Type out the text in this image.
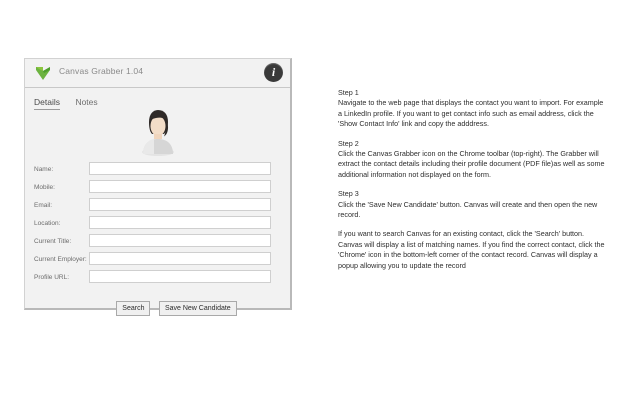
Canvas Grabber 1.04	i
Details Notes
Name:
Mobile:
Email:
Location:
Current Title:
Current Employer:
Profile URL:
Search	Save New Candidate

Step 1

Navigate to the web page that displays the contact you want to import. For example a LinkedIn profile. If you want to get contact info such as email address, click the 'Show Contact Info' link and copy the adddress.

Step 2

Click the Canvas Grabber icon on the Chrome toolbar (top-right). The Grabber will extract the contact details including their profile document (PDF file)as well as some additional information not displayed on the form.

Step 3

Click the 'Save New Candidate' button. Canvas will create and then open the new record.

If you want to search Canvas for an existing contact, click the 'Search' button. Canvas will display a list of matching names. If you find the correct contact, click the 'Chrome' icon in the bottom-left corner of the contact record. Canvas will display a popup allowing you to update the record
